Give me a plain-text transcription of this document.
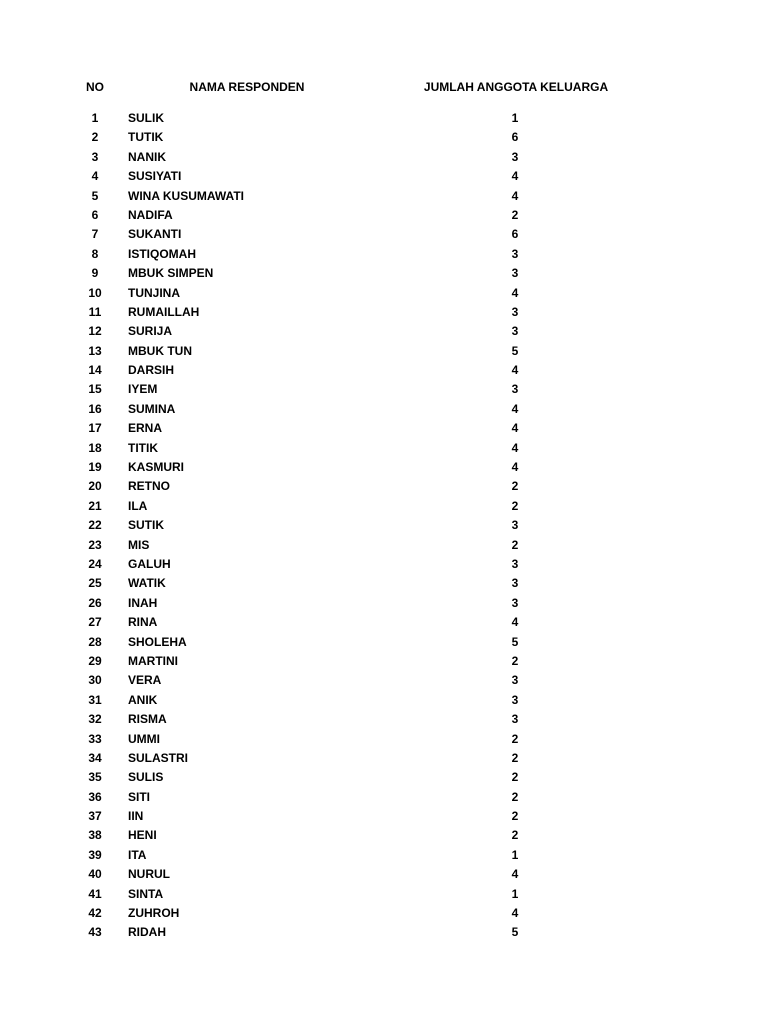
NO	NAMA RESPONDEN	JUMLAH ANGGOTA KELUARGA
1	SULIK	1
2	TUTIK	6
3	NANIK	3
4	SUSIYATI	4
5	WINA KUSUMAWATI	4
6	NADIFA	2
7	SUKANTI	6
8	ISTIQOMAH	3
9	MBUK SIMPEN	3
10	TUNJINA	4
11	RUMAILLAH	3
12	SURIJA	3
13	MBUK TUN	5
14	DARSIH	4
15	IYEM	3
16	SUMINA	4
17	ERNA	4
18	TITIK	4
19	KASMURI	4
20	RETNO	2
21	ILA	2
22	SUTIK	3
23	MIS	2
24	GALUH	3
25	WATIK	3
26	INAH	3
27	RINA	4
28	SHOLEHA	5
29	MARTINI	2
30	VERA	3
31	ANIK	3
32	RISMA	3
33	UMMI	2
34	SULASTRI	2
35	SULIS	2
36	SITI	2
37	IIN	2
38	HENI	2
39	ITA	1
40	NURUL	4
41	SINTA	1
42	ZUHROH	4
43	RIDAH	5
